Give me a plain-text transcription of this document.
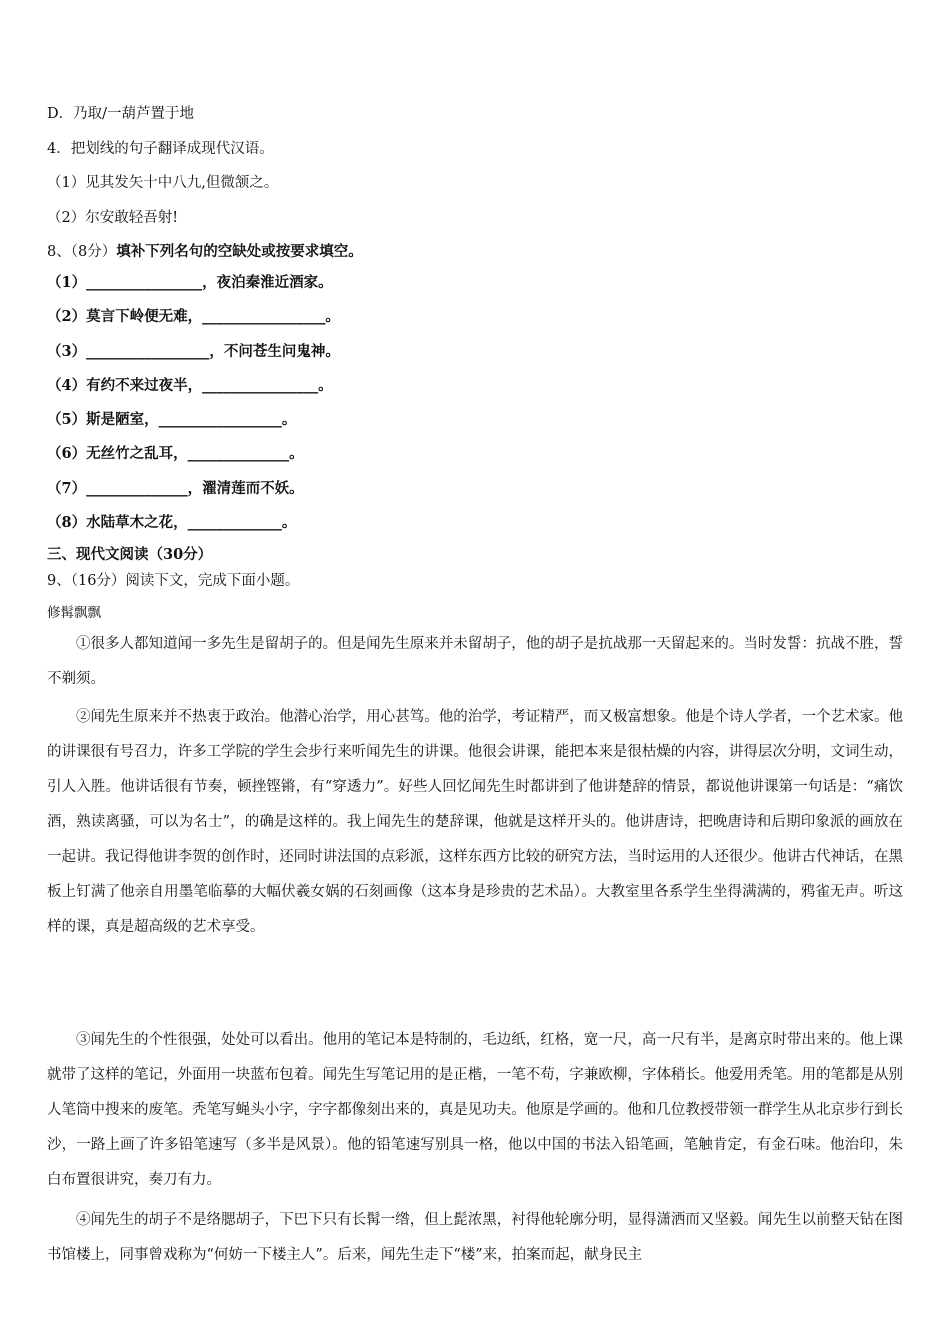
D．乃取/一葫芦置于地
4．把划线的句子翻译成现代汉语。
（1）见其发矢十中八九,但微颔之。
（2）尔安敢轻吾射!
8、（8分）填补下列名句的空缺处或按要求填空。
（1）________________，夜泊秦淮近酒家。
（2）莫言下岭便无难，_________________。
（3）_________________，不问苍生问鬼神。
（4）有约不来过夜半，________________。
（5）斯是陋室，_________________。
（6）无丝竹之乱耳，______________。
（7）______________，濯清莲而不妖。
（8）水陆草木之花，_____________。
三、现代文阅读（30分）
9、（16分）阅读下文，完成下面小题。
修髯飘飘
①很多人都知道闻一多先生是留胡子的。但是闻先生原来并未留胡子，他的胡子是抗战那一天留起来的。当时发誓：抗战不胜，誓不剃须。
②闻先生原来并不热衷于政治。他潜心治学，用心甚笃。他的治学，考证精严，而又极富想象。他是个诗人学者，一个艺术家。他的讲课很有号召力，许多工学院的学生会步行来听闻先生的讲课。他很会讲课，能把本来是很枯燥的内容，讲得层次分明，文词生动，引人入胜。他讲话很有节奏，顿挫铿锵，有“穿透力”。好些人回忆闻先生时都讲到了他讲楚辞的情景，都说他讲课第一句话是：“痛饮酒，熟读离骚，可以为名士”，的确是这样的。我上闻先生的楚辞课，他就是这样开头的。他讲唐诗，把晚唐诗和后期印象派的画放在一起讲。我记得他讲李贺的创作时，还同时讲法国的点彩派，这样东西方比较的研究方法，当时运用的人还很少。他讲古代神话，在黑板上钉满了他亲自用墨笔临摹的大幅伏羲女娲的石刻画像（这本身是珍贵的艺术品）。大教室里各系学生坐得满满的，鸦雀无声。听这样的课，真是超高级的艺术享受。
③闻先生的个性很强，处处可以看出。他用的笔记本是特制的，毛边纸，红格，宽一尺，高一尺有半，是离京时带出来的。他上课就带了这样的笔记，外面用一块蓝布包着。闻先生写笔记用的是正楷，一笔不苟，字兼欧柳，字体稍长。他爱用秃笔。用的笔都是从别人笔筒中搜来的废笔。秃笔写蝇头小字，字字都像刻出来的，真是见功夫。他原是学画的。他和几位教授带领一群学生从北京步行到长沙，一路上画了许多铅笔速写（多半是风景）。他的铅笔速写别具一格，他以中国的书法入铅笔画，笔触肯定，有金石味。他治印，朱白布置很讲究，奏刀有力。
④闻先生的胡子不是络腮胡子，下巴下只有长髯一绺，但上髭浓黑，衬得他轮廓分明，显得潇洒而又坚毅。闻先生以前整天钻在图书馆楼上，同事曾戏称为“何妨一下楼主人”。后来，闻先生走下“楼”来，拍案而起，献身民主
